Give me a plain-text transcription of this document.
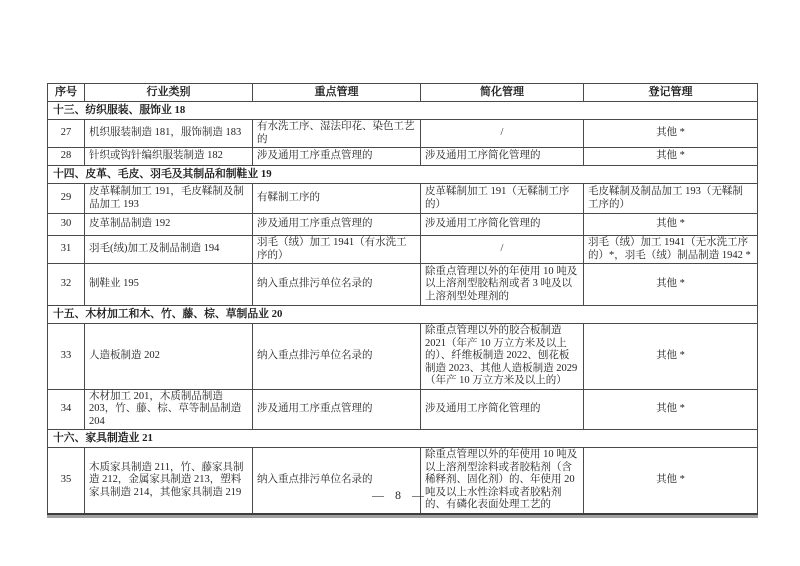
序号	行业类别	重点管理	简化管理	登记管理
十三、纺织服装、服饰业 18				
27	机织服装制造 181，服饰制造 183	有水洗工序、湿法印花、染色工艺的	/	其他 *
28	针织或钩针编织服装制造 182	涉及通用工序重点管理的	涉及通用工序简化管理的	其他 *
十四、皮革、毛皮、羽毛及其制品和制鞋业 19				
29	皮革鞣制加工 191，毛皮鞣制及制品加工 193	有鞣制工序的	皮革鞣制加工 191（无鞣制工序的）	毛皮鞣制及制品加工 193（无鞣制工序的）
30	皮革制品制造 192	涉及通用工序重点管理的	涉及通用工序简化管理的	其他 *
31	羽毛(绒)加工及制品制造 194	羽毛（绒）加工 1941（有水洗工序的）	/	羽毛（绒）加工 1941（无水洗工序的）*，羽毛（绒）制品制造 1942 *
32	制鞋业 195	纳入重点排污单位名录的	除重点管理以外的年使用 10 吨及以上溶剂型胶粘剂或者 3 吨及以上溶剂型处理剂的	其他 *
十五、木材加工和木、竹、藤、棕、草制品业 20				
33	人造板制造 202	纳入重点排污单位名录的	除重点管理以外的胶合板制造 2021（年产 10 万立方米及以上的）、纤维板制造 2022、刨花板制造 2023、其他人造板制造 2029（年产 10 万立方米及以上的）	其他 *
34	木材加工 201，木质制品制造 203，竹、藤、棕、草等制品制造 204	涉及通用工序重点管理的	涉及通用工序简化管理的	其他 *
十六、家具制造业 21				
35	木质家具制造 211，竹、藤家具制造 212，金属家具制造 213，塑料家具制造 214，其他家具制造 219	纳入重点排污单位名录的	除重点管理以外的年使用 10 吨及以上溶剂型涂料或者胶粘剂（含稀释剂、固化剂）的、年使用 20 吨及以上水性涂料或者胶粘剂的、有磷化表面处理工艺的	其他 *
— 8 —
